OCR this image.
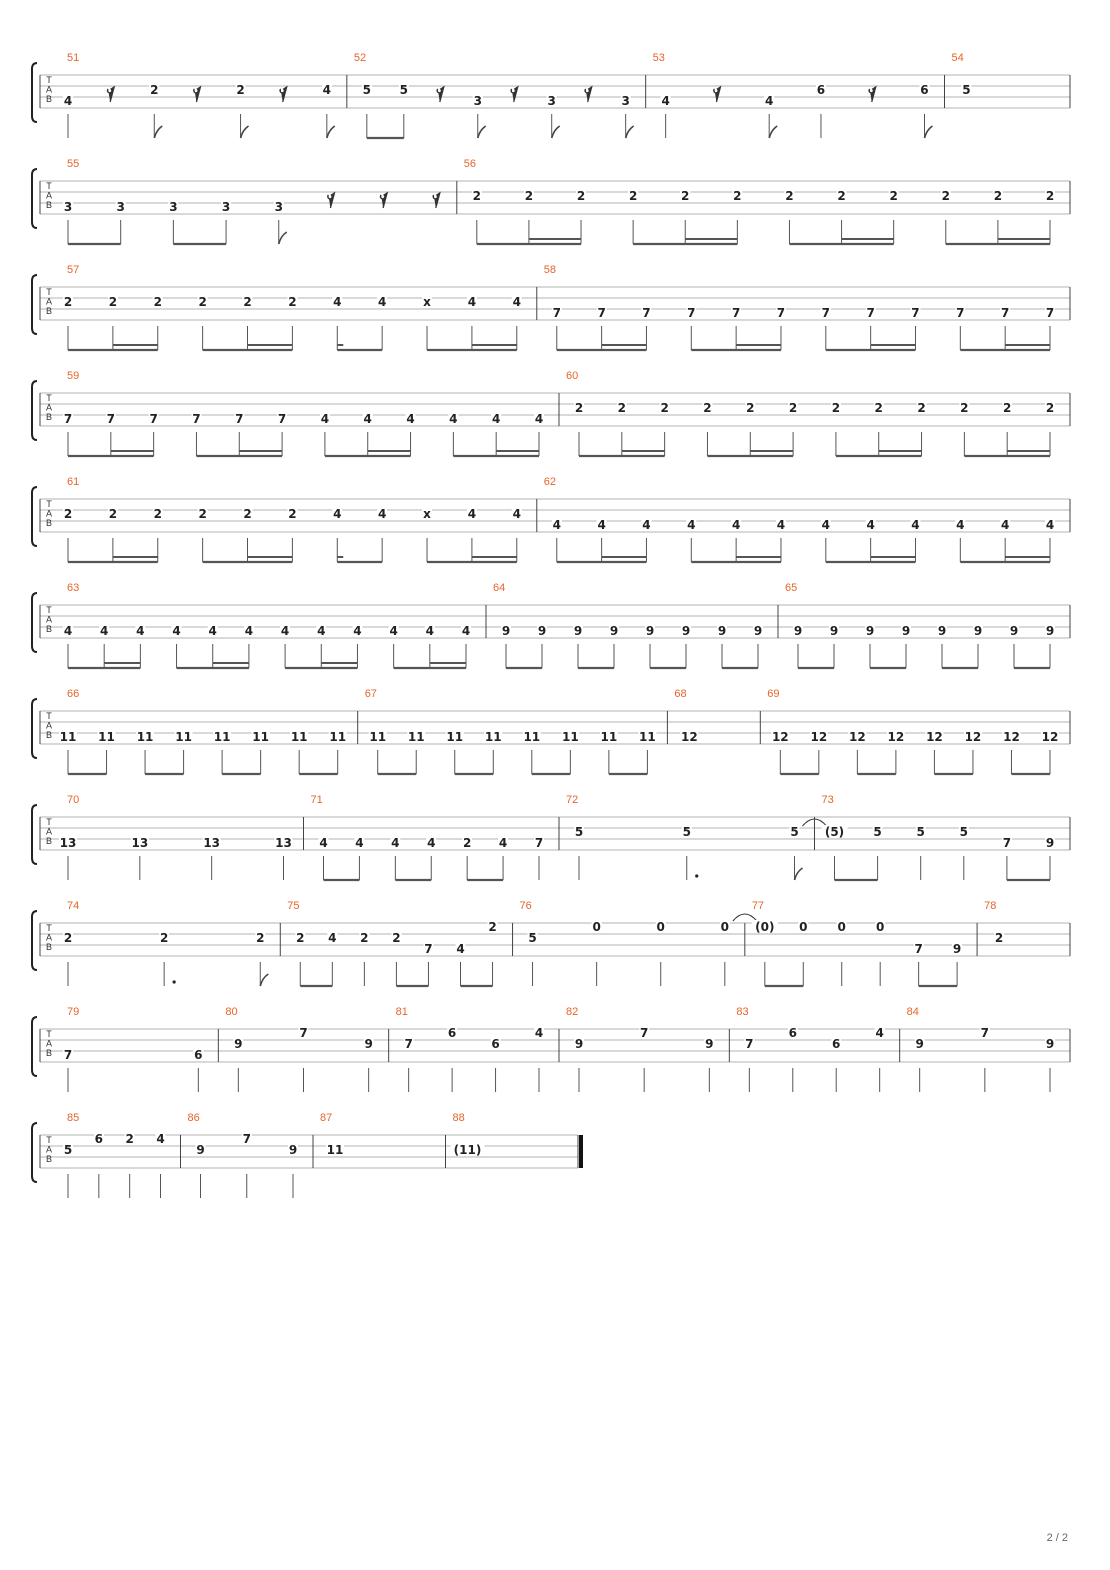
T
A
B
51
4
2	2	4
52
5 5
3	3	3
53
4	4
6	6
54
5
T
A
B
55
3	3	3	3	3
56
2	2	2	2	2	2	2	2	2	2	2	2
T
A
B
57
2	2	2	2	2	2	4	4	x	4	4
58
7	7	7	7	7	7	7	7	7	7	7	7
T
A
B
59
7	7	7	7	7	7	4	4	4	4	4	4
60
2	2	2	2	2	2	2	2	2	2	2	2
T
A
B
61
2	2	2	2	2	2	4	4	x	4	4
62
4	4	4	4	4	4	4	4	4	4	4	4
T
A
B
63
4 4 4 4 4 4 4 4 4 4 4 4
64
9 9 9 9 9 9 9 9
65
9 9 9 9 9 9 9 9
T
A
B
66
11 11 11 11 11 11 11 11
67
11 11 11 11 11 11 11 11
68
12
69
12 12 12 12 12 12 12 12
T
A
B
70
13	13	13	13
71
4 4 4 4 2 4 7
72
5	5	5
73
(5) 5	5	5
7	9
T
A
B
74
2	2	2
75
2 4 2 2
7 4
2
76
5
0	0	0
77
(0) 0	0	0
7	9
78
2
T
A
B
79
7	6
80
9
7
9
81
7
6
6
4
82
9
7
9
83
7
6
6
4
84
9
7
9
T
A
B
85
5
6 2 4
86
9
7
9
87
11
88
(11)
2 / 2
